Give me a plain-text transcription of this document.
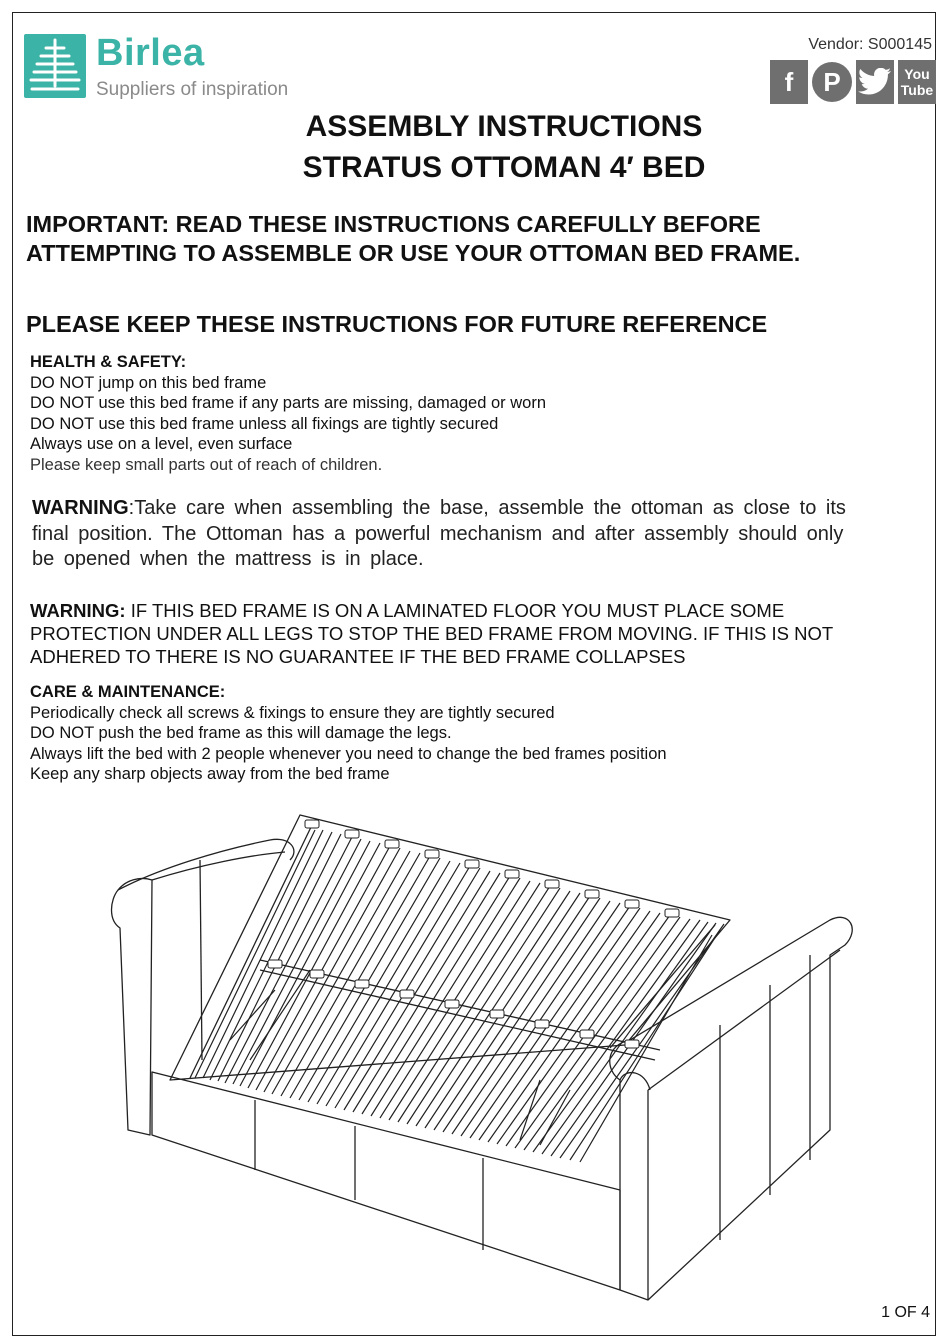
Birlea
Suppliers of inspiration
Vendor: S000145
f	P	You
Tube
ASSEMBLY INSTRUCTIONS
STRATUS OTTOMAN 4′ BED
IMPORTANT: READ THESE INSTRUCTIONS CAREFULLY BEFORE ATTEMPTING TO ASSEMBLE OR USE YOUR OTTOMAN BED FRAME.
PLEASE KEEP THESE INSTRUCTIONS FOR FUTURE REFERENCE
HEALTH & SAFETY:

DO NOT jump on this bed frame

DO NOT use this bed frame if any parts are missing, damaged or worn

DO NOT use this bed frame unless all fixings are tightly secured

Always use on a level, even surface

Please keep small parts out of reach of children.

WARNING:Take care when assembling the base, assemble the ottoman as close to its final position. The Ottoman has a powerful mechanism and after assembly should only be opened when the mattress is in place.
WARNING: IF THIS BED FRAME IS ON A LAMINATED FLOOR YOU MUST PLACE SOME PROTECTION UNDER ALL LEGS TO STOP THE BED FRAME FROM MOVING. IF THIS IS NOT ADHERED TO THERE IS NO GUARANTEE IF THE BED FRAME COLLAPSES
CARE & MAINTENANCE:

Periodically check all screws & fixings to ensure they are tightly secured

DO NOT push the bed frame as this will damage the legs.

Always lift the bed with 2 people whenever you need to change the bed frames position

Keep any sharp objects away from the bed frame

1 OF 4
